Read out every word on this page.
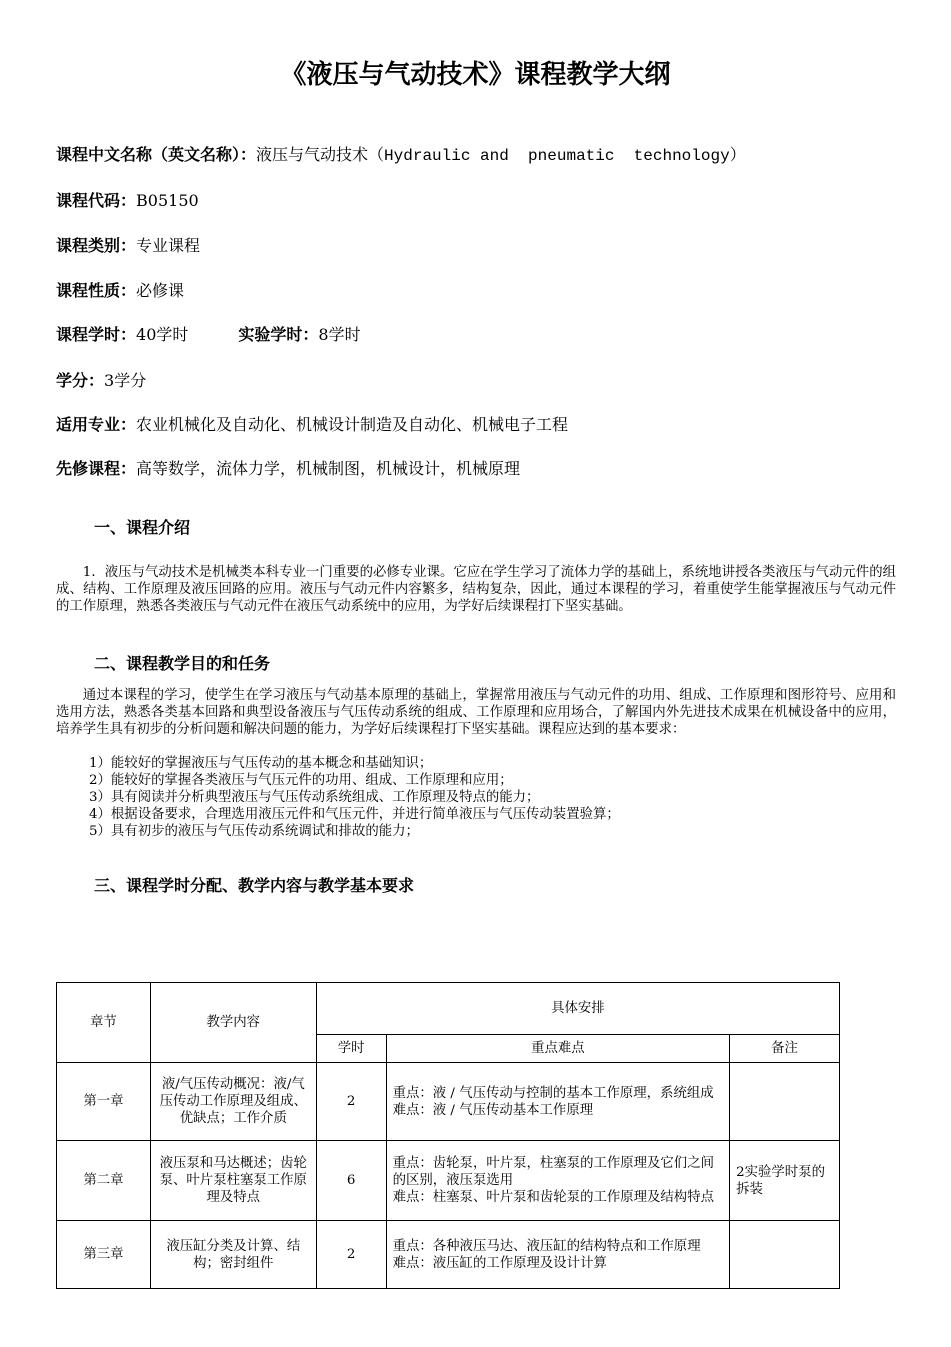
《液压与气动技术》课程教学大纲

课程中文名称（英文名称）：液压与气动技术（Hydraulic and  pneumatic  technology）

课程代码：B05150

课程类别：专业课程

课程性质：必修课

课程学时：40学时	实验学时：8学时

学分：3学分

适用专业：农业机械化及自动化、机械设计制造及自动化、机械电子工程

先修课程：高等数学，流体力学，机械制图，机械设计，机械原理

一、课程介绍

1．液压与气动技术是机械类本科专业一门重要的必修专业课。它应在学生学习了流体力学的基础上，系统地讲授各类液压与气动元件的组成、结构、工作原理及液压回路的应用。液压与气动元件内容繁多，结构复杂，因此，通过本课程的学习，着重使学生能掌握液压与气动元件的工作原理，熟悉各类液压与气动元件在液压气动系统中的应用，为学好后续课程打下坚实基础。

二、课程教学目的和任务

通过本课程的学习，使学生在学习液压与气动基本原理的基础上，掌握常用液压与气动元件的功用、组成、工作原理和图形符号、应用和选用方法，熟悉各类基本回路和典型设备液压与气压传动系统的组成、工作原理和应用场合，了解国内外先进技术成果在机械设备中的应用，培养学生具有初步的分析问题和解决问题的能力，为学好后续课程打下坚实基础。课程应达到的基本要求：

1）能较好的掌握液压与气压传动的基本概念和基础知识；
2）能较好的掌握各类液压与气压元件的功用、组成、工作原理和应用；
3）具有阅读并分析典型液压与气压传动系统组成、工作原理及特点的能力；
4）根据设备要求，合理选用液压元件和气压元件，并进行简单液压与气压传动装置验算；
5）具有初步的液压与气压传动系统调试和排故的能力；
三、课程学时分配、教学内容与教学基本要求
章节	教学内容	具体安排		
		学时	重点难点	备注
第一章	液/气压传动概况：液/气压传动工作原理及组成、优缺点；工作介质	2	重点：液 / 气压传动与控制的基本工作原理，系统组成
难点：液 / 气压传动基本工作原理	
第二章	液压泵和马达概述；齿轮泵、叶片泵柱塞泵工作原理及特点	6	重点：齿轮泵，叶片泵，柱塞泵的工作原理及它们之间的区别，液压泵选用
难点：柱塞泵、叶片泵和齿轮泵的工作原理及结构特点	2实验学时泵的拆装
第三章	液压缸分类及计算、结构；密封组件	2	重点：各种液压马达、液压缸的结构特点和工作原理
难点：液压缸的工作原理及设计计算	
